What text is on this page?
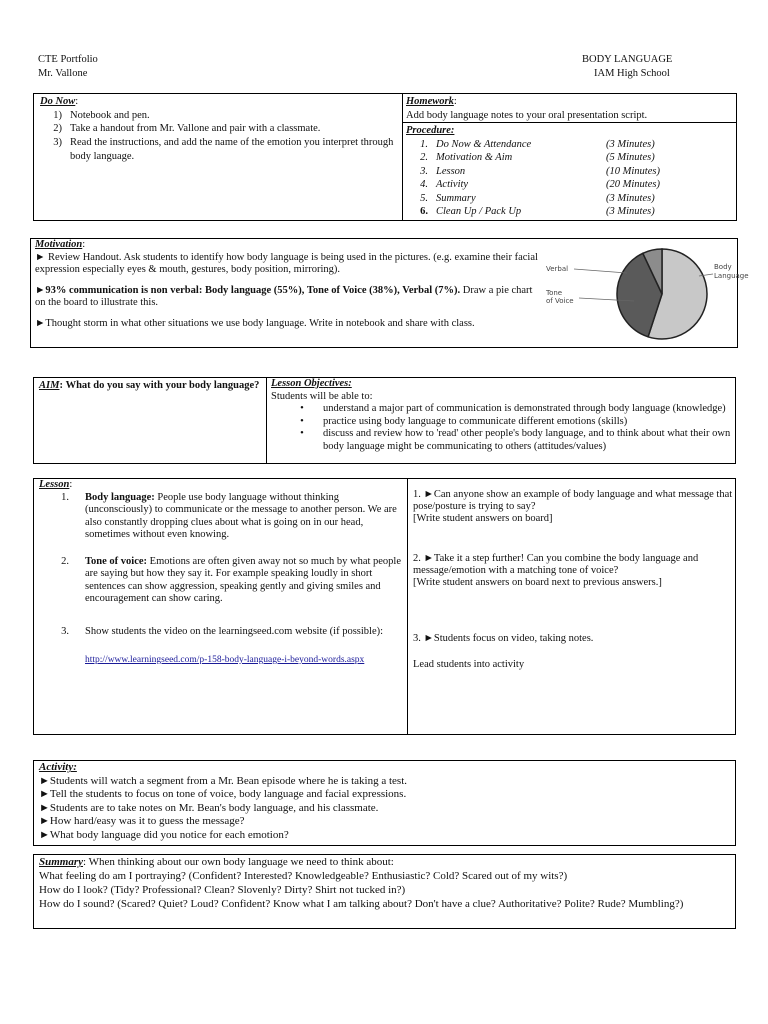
CTE Portfolio

Mr. Vallone

BODY LANGUAGE

IAM High School

Do Now:
1) Notebook and pen.
2) Take a handout from Mr. Vallone and pair with a classmate.
3) Read the instructions, and add the name of the emotion you interpret through body language.
Homework:
Add body language notes to your oral presentation script.
Procedure:
1. Do Now & Attendance	(3 Minutes)
2. Motivation & Aim	(5 Minutes)
3. Lesson	(10 Minutes)
4. Activity	(20 Minutes)
5. Summary	(3 Minutes)
6. Clean Up / Pack Up	(3 Minutes)
Motivation:

► Review Handout. Ask students to identify how body language is being used in the pictures. (e.g. examine their facial expression especially eyes & mouth, gestures, body position, mirroring).

►93% communication is non verbal: Body language (55%), Tone of Voice (38%), Verbal (7%). Draw a pie chart on the board to illustrate this.

►Thought storm in what other situations we use body language. Write in notebook and share with class.

Verbal
Tone
of Voice
Body
Language
AIM: What do you say with your body language? Lesson Objectives:

Students will be able to:

•	understand a major part of communication is demonstrated through body language (knowledge)
•	practice using body language to communicate different emotions (skills)
•	discuss and review how to 'read' other people's body language, and to think about what their own body language might be communicating to others (attitudes/values)
Lesson:
1. Body language: People use body language without thinking (unconsciously) to communicate or the message to another person. We are also constantly dropping clues about what is going on in our head, sometimes without even knowing.
2. Tone of voice: Emotions are often given away not so much by what people are saying but how they say it. For example speaking loudly in short sentences can show aggression, speaking gently and giving smiles and encouragement can show caring.
3. Show students the video on the learningseed.com website (if possible):
http://www.learningseed.com/p-158-body-language-i-beyond-words.aspx

1. ►Can anyone show an example of body language and what message that pose/posture is trying to say?

[Write student answers on board]

2. ►Take it a step further! Can you combine the body language and message/emotion with a matching tone of voice?

[Write student answers on board next to previous answers.]

3. ►Students focus on video, taking notes.

Lead students into activity

Activity:

►Students will watch a segment from a Mr. Bean episode where he is taking a test.

►Tell the students to focus on tone of voice, body language and facial expressions.

►Students are to take notes on Mr. Bean's body language, and his classmate.

►How hard/easy was it to guess the message?

►What body language did you notice for each emotion?

Summary: When thinking about our own body language we need to think about:

What feeling do am I portraying? (Confident? Interested? Knowledgeable? Enthusiastic? Cold? Scared out of my wits?)

How do I look? (Tidy? Professional? Clean? Slovenly? Dirty? Shirt not tucked in?)

How do I sound? (Scared? Quiet? Loud? Confident? Know what I am talking about? Don't have a clue? Authoritative? Polite? Rude? Mumbling?)
